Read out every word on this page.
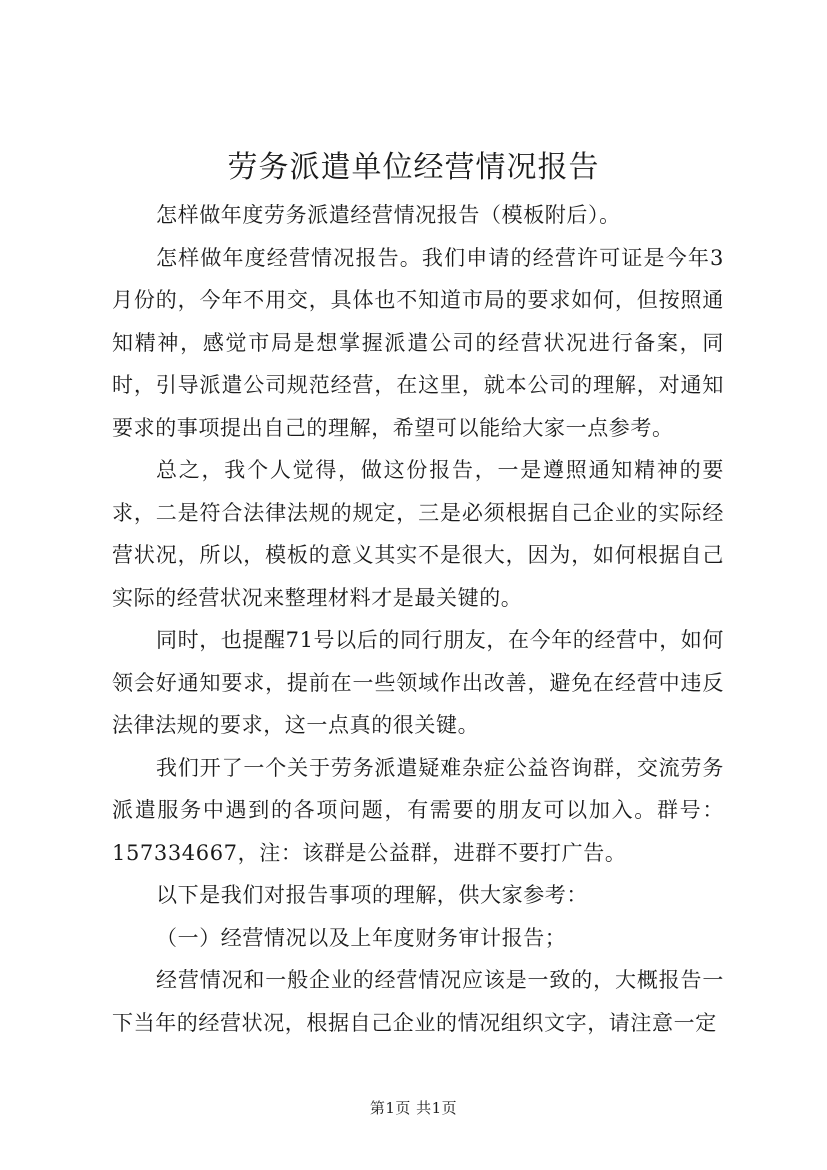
劳务派遣单位经营情况报告

怎样做年度劳务派遣经营情况报告（模板附后）。

怎样做年度经营情况报告。我们申请的经营许可证是今年3月份的，今年不用交，具体也不知道市局的要求如何，但按照通知精神，感觉市局是想掌握派遣公司的经营状况进行备案，同时，引导派遣公司规范经营，在这里，就本公司的理解，对通知要求的事项提出自己的理解，希望可以能给大家一点参考。

总之，我个人觉得，做这份报告，一是遵照通知精神的要求，二是符合法律法规的规定，三是必须根据自己企业的实际经营状况，所以，模板的意义其实不是很大，因为，如何根据自己实际的经营状况来整理材料才是最关键的。

同时，也提醒71号以后的同行朋友，在今年的经营中，如何领会好通知要求，提前在一些领域作出改善，避免在经营中违反法律法规的要求，这一点真的很关键。

我们开了一个关于劳务派遣疑难杂症公益咨询群，交流劳务派遣服务中遇到的各项问题，有需要的朋友可以加入。群号：157334667，注：该群是公益群，进群不要打广告。

以下是我们对报告事项的理解，供大家参考：

（一）经营情况以及上年度财务审计报告；

经营情况和一般企业的经营情况应该是一致的，大概报告一下当年的经营状况，根据自己企业的情况组织文字，请注意一定

第1页 共1页
